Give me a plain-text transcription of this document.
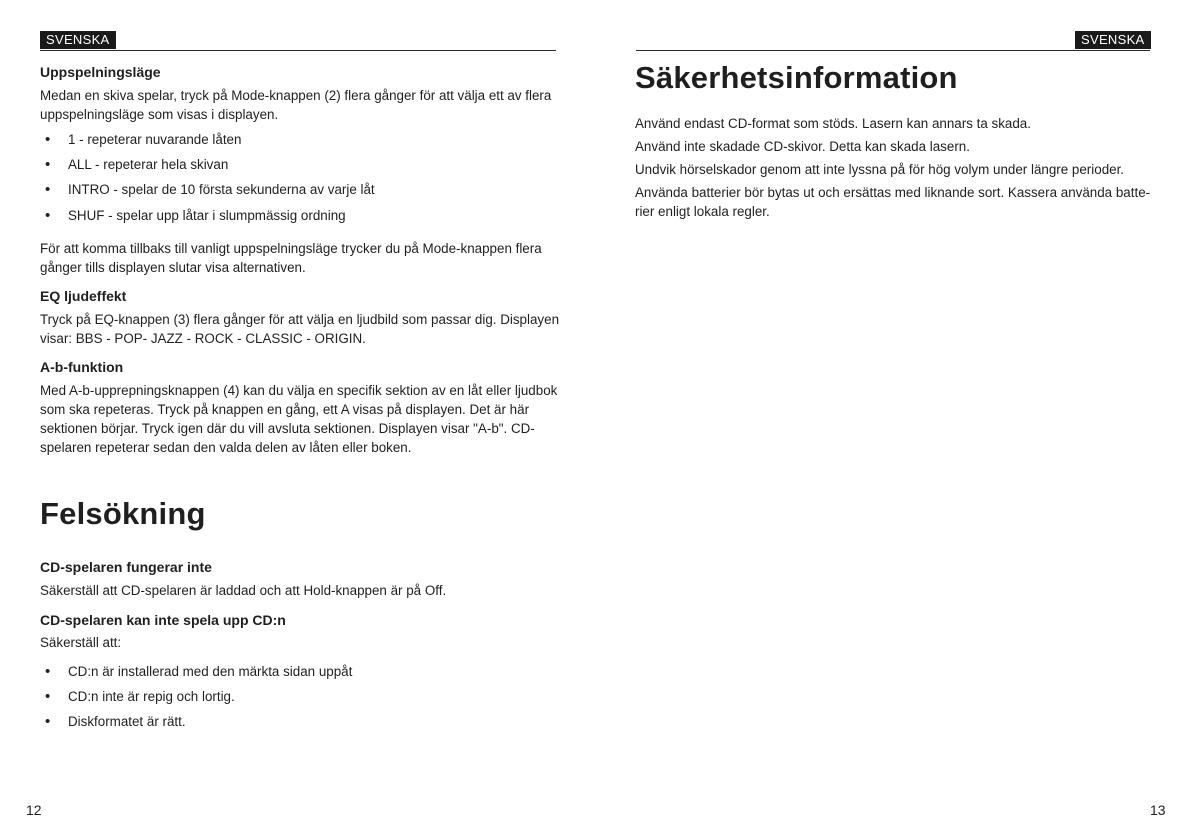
SVENSKA
Uppspelningsläge

Medan en skiva spelar, tryck på Mode-knappen (2) flera gånger för att välja ett av flera

uppspelningsläge som visas i displayen.

• 1 - repeterar nuvarande låten
• ALL - repeterar hela skivan
• INTRO - spelar de 10 första sekunderna av varje låt
• SHUF - spelar upp låtar i slumpmässig ordning

För att komma tillbaks till vanligt uppspelningsläge trycker du på Mode-knappen flera

gånger tills displayen slutar visa alternativen.

EQ ljudeffekt

Tryck på EQ-knappen (3) flera gånger för att välja en ljudbild som passar dig. Displayen

visar: BBS - POP- JAZZ - ROCK - CLASSIC - ORIGIN.

A-b-funktion

Med A-b-upprepningsknappen (4) kan du välja en specifik sektion av en låt eller ljudbok

som ska repeteras. Tryck på knappen en gång, ett A visas på displayen. Det är här

sektionen börjar. Tryck igen där du vill avsluta sektionen. Displayen visar "A-b". CD-

spelaren repeterar sedan den valda delen av låten eller boken.

Felsökning
CD-spelaren fungerar inte

Säkerställ att CD-spelaren är laddad och att Hold-knappen är på Off.

CD-spelaren kan inte spela upp CD:n

Säkerställ att:

• CD:n är installerad med den märkta sidan uppåt
• CD:n inte är repig och lortig.
• Diskformatet är rätt.
12
SVENSKA
Säkerhetsinformation

Använd endast CD-format som stöds. Lasern kan annars ta skada.

Använd inte skadade CD-skivor. Detta kan skada lasern.

Undvik hörselskador genom att inte lyssna på för hög volym under längre perioder.

Använda batterier bör bytas ut och ersättas med liknande sort. Kassera använda batte-

rier enligt lokala regler.

13
